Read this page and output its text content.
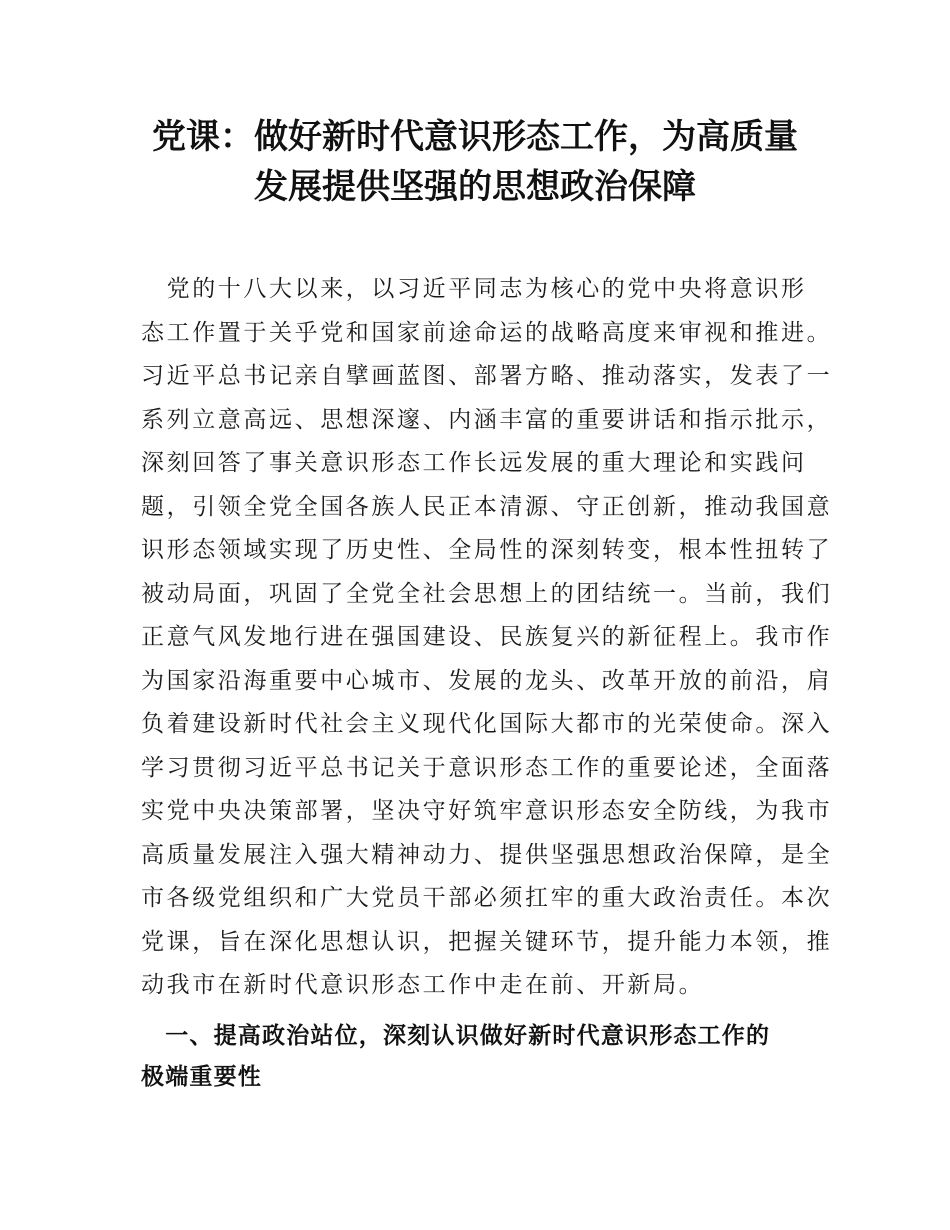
党课：做好新时代意识形态工作，为高质量
发展提供坚强的思想政治保障
　党的十八大以来，以习近平同志为核心的党中央将意识形
态工作置于关乎党和国家前途命运的战略高度来审视和推进。
习近平总书记亲自擘画蓝图、部署方略、推动落实，发表了一
系列立意高远、思想深邃、内涵丰富的重要讲话和指示批示，
深刻回答了事关意识形态工作长远发展的重大理论和实践问
题，引领全党全国各族人民正本清源、守正创新，推动我国意
识形态领域实现了历史性、全局性的深刻转变，根本性扭转了
被动局面，巩固了全党全社会思想上的团结统一。当前，我们
正意气风发地行进在强国建设、民族复兴的新征程上。我市作
为国家沿海重要中心城市、发展的龙头、改革开放的前沿，肩
负着建设新时代社会主义现代化国际大都市的光荣使命。深入
学习贯彻习近平总书记关于意识形态工作的重要论述，全面落
实党中央决策部署，坚决守好筑牢意识形态安全防线，为我市
高质量发展注入强大精神动力、提供坚强思想政治保障，是全
市各级党组织和广大党员干部必须扛牢的重大政治责任。本次
党课，旨在深化思想认识，把握关键环节，提升能力本领，推
动我市在新时代意识形态工作中走在前、开新局。
　一、提高政治站位，深刻认识做好新时代意识形态工作的
极端重要性
